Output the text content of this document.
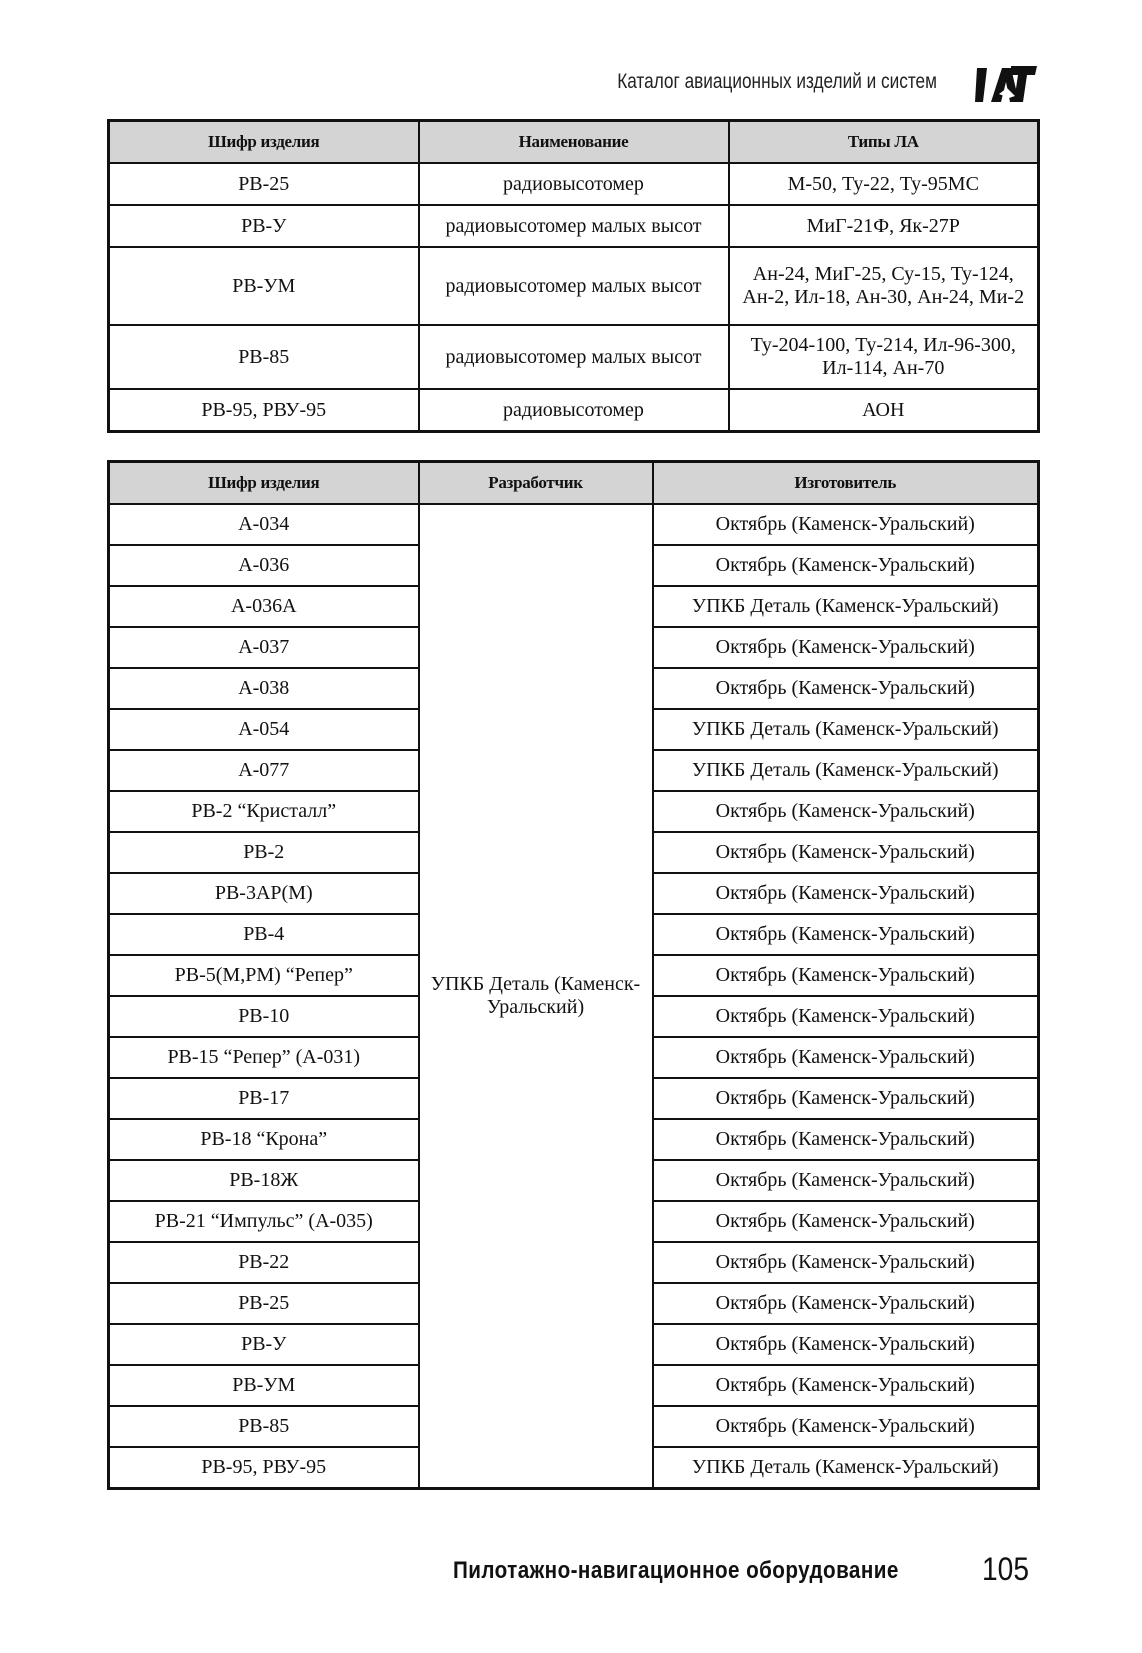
Каталог авиационных изделий и систем
Шифр изделия	Наименование	Типы ЛА
РВ-25	радиовысотомер	М-50, Ту-22, Ту-95МС
РВ-У	радиовысотомер малых высот	МиГ-21Ф, Як-27Р
РВ-УМ	радиовысотомер малых высот	Ан-24, МиГ-25, Су-15, Ту-124, Ан-2, Ил-18, Ан-30, Ан-24, Ми-2
РВ-85	радиовысотомер малых высот	Ту-204-100, Ту-214, Ил-96-300, Ил-114, Ан-70
РВ-95, РВУ-95	радиовысотомер	АОН
Шифр изделия	Разработчик	Изготовитель
А-034	УПКБ Деталь (Каменск-Уральский)	Октябрь (Каменск-Уральский)
А-036		Октябрь (Каменск-Уральский)
А-036А		УПКБ Деталь (Каменск-Уральский)
А-037		Октябрь (Каменск-Уральский)
А-038		Октябрь (Каменск-Уральский)
А-054		УПКБ Деталь (Каменск-Уральский)
А-077		УПКБ Деталь (Каменск-Уральский)
РВ-2 “Кристалл”		Октябрь (Каменск-Уральский)
РВ-2		Октябрь (Каменск-Уральский)
РВ-3АР(М)		Октябрь (Каменск-Уральский)
РВ-4		Октябрь (Каменск-Уральский)
РВ-5(М,РМ) “Репер”		Октябрь (Каменск-Уральский)
РВ-10		Октябрь (Каменск-Уральский)
РВ-15 “Репер” (А-031)		Октябрь (Каменск-Уральский)
РВ-17		Октябрь (Каменск-Уральский)
РВ-18 “Крона”		Октябрь (Каменск-Уральский)
РВ-18Ж		Октябрь (Каменск-Уральский)
РВ-21 “Импульс” (А-035)		Октябрь (Каменск-Уральский)
РВ-22		Октябрь (Каменск-Уральский)
РВ-25		Октябрь (Каменск-Уральский)
РВ-У		Октябрь (Каменск-Уральский)
РВ-УМ		Октябрь (Каменск-Уральский)
РВ-85		Октябрь (Каменск-Уральский)
РВ-95, РВУ-95		УПКБ Деталь (Каменск-Уральский)
Пилотажно-навигационное оборудование	105
